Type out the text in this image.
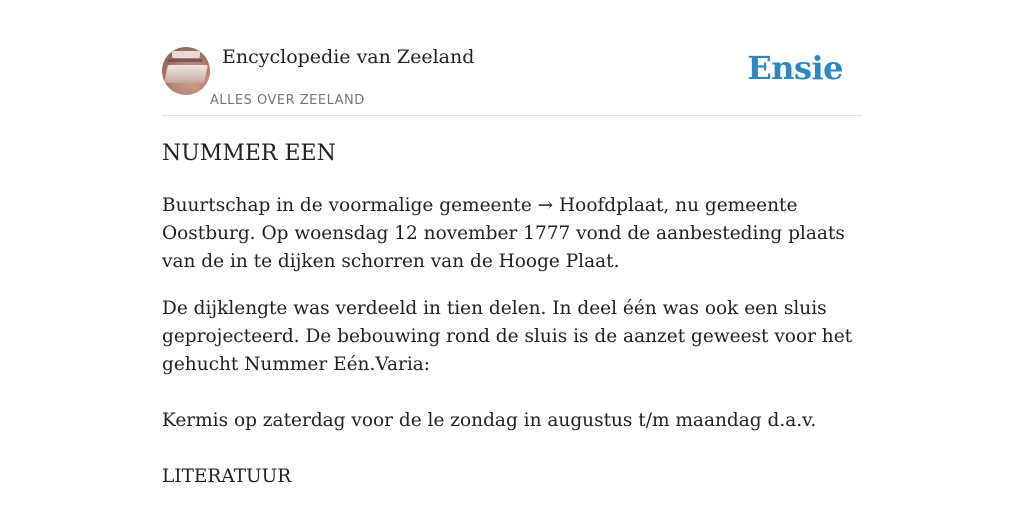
Encyclopedie van Zeeland
ALLES OVER ZEELAND
Ensie
NUMMER EEN

Buurtschap in de voormalige gemeente → Hoofdplaat, nu gemeente Oostburg. Op woensdag 12 november 1777 vond de aanbesteding plaats van de in te dijken schorren van de Hooge Plaat.

De dijklengte was verdeeld in tien delen. In deel één was ook een sluis geprojecteerd. De bebouwing rond de sluis is de aanzet geweest voor het gehucht Nummer Eén.Varia:

Kermis op zaterdag voor de le zondag in augustus t/m maandag d.a.v.

LITERATUUR
